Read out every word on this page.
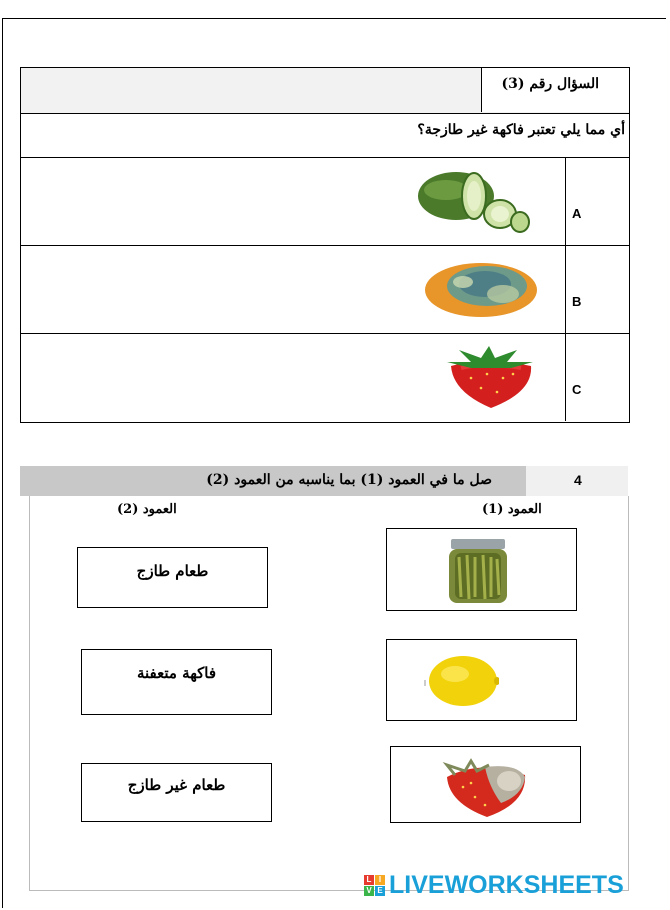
السؤال رقم (3)
أي مما يلي تعتبر فاكهة غير طازجة؟
A
B
C
صل ما في العمود (1) بما يناسبه من العمود (2)	4
العمود (1)
العمود (2)
طعام طازج
فاكهة متعفنة
طعام غير طازج
L I
V E LIVEWORKSHEETS
